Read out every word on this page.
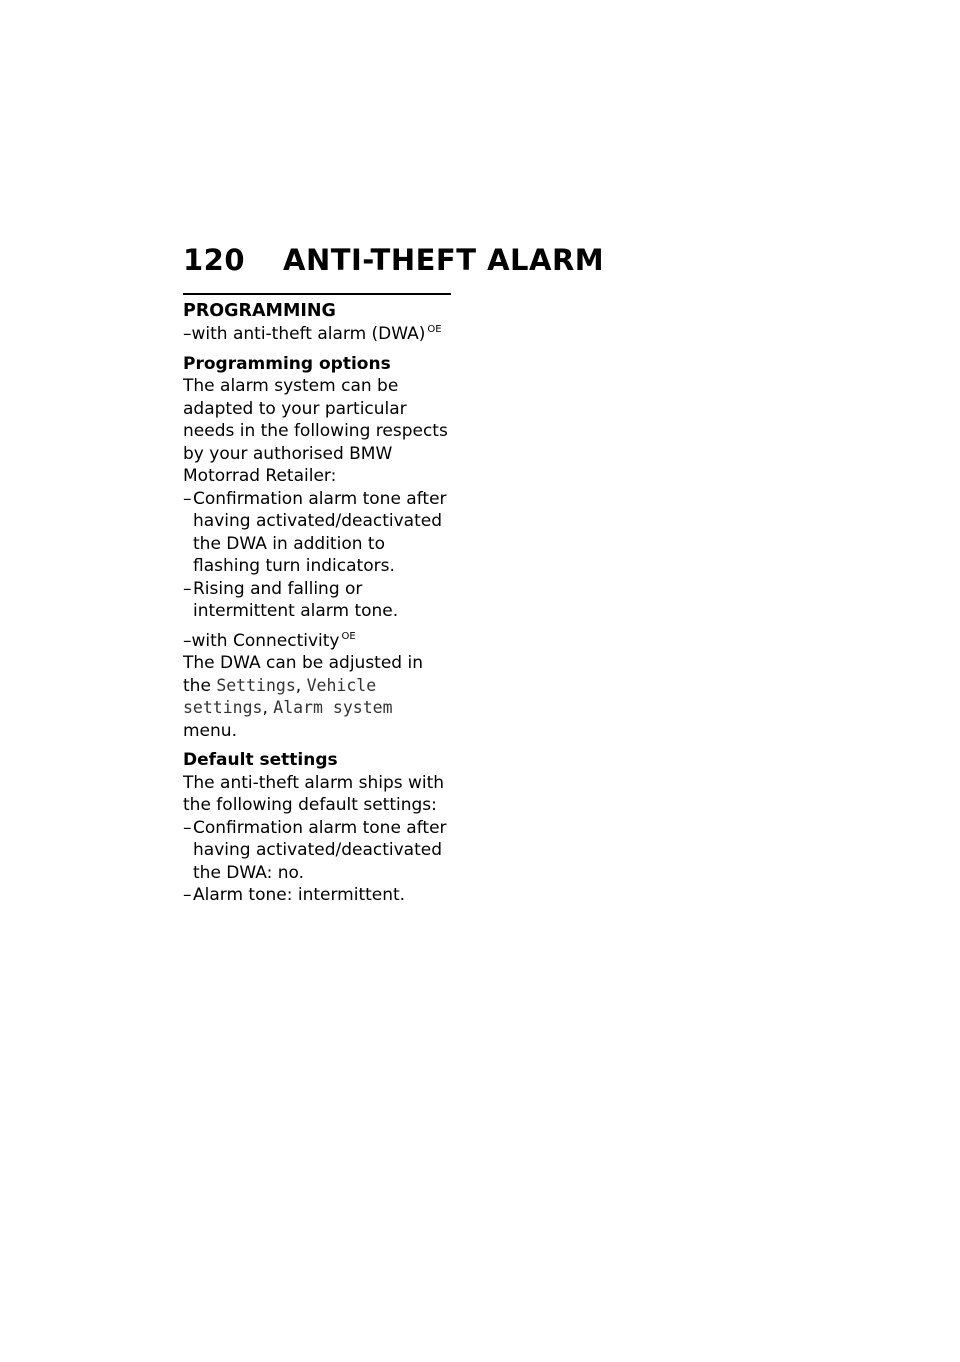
120 ANTI-THEFT ALARM
PROGRAMMING

–with anti-theft alarm (DWA) $^{OE}$

Programming options

The alarm system can be adapted to your particular needs in the following respects by your authorised BMW Motorrad Retailer:

– Confirmation alarm tone after having activated/deactivated the DWA in addition to flashing turn indicators.
– Rising and falling or intermittent alarm tone.

–with Connectivity $^{OE}$

The DWA can be adjusted in the Settings, Vehicle settings, Alarm system menu.

Default settings

The anti-theft alarm ships with the following default settings:

– Confirmation alarm tone after having activated/deactivated the DWA: no.
– Alarm tone: intermittent.
